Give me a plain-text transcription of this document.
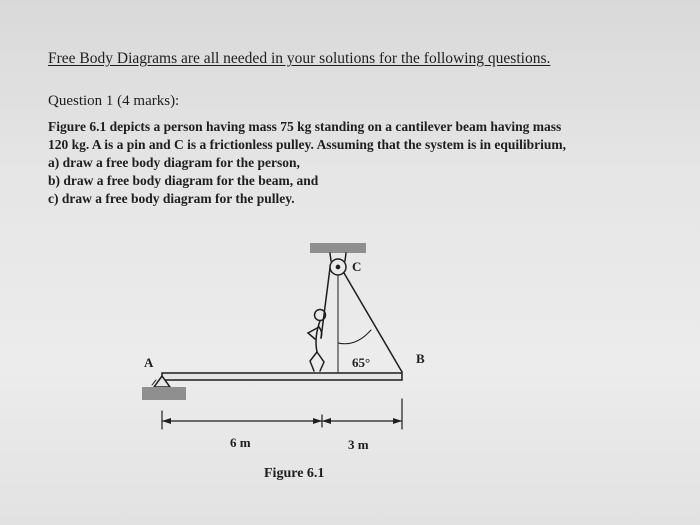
Free Body Diagrams are all needed in your solutions for the following questions.
Question 1 (4 marks):
Figure 6.1 depicts a person having mass 75 kg standing on a cantilever beam having mass
120 kg. A is a pin and C is a frictionless pulley. Assuming that the system is in equilibrium,
a) draw a free body diagram for the person,
b) draw a free body diagram for the beam, and
c) draw a free body diagram for the pulley.
A	B
C
65°
6 m	3 m
Figure 6.1
